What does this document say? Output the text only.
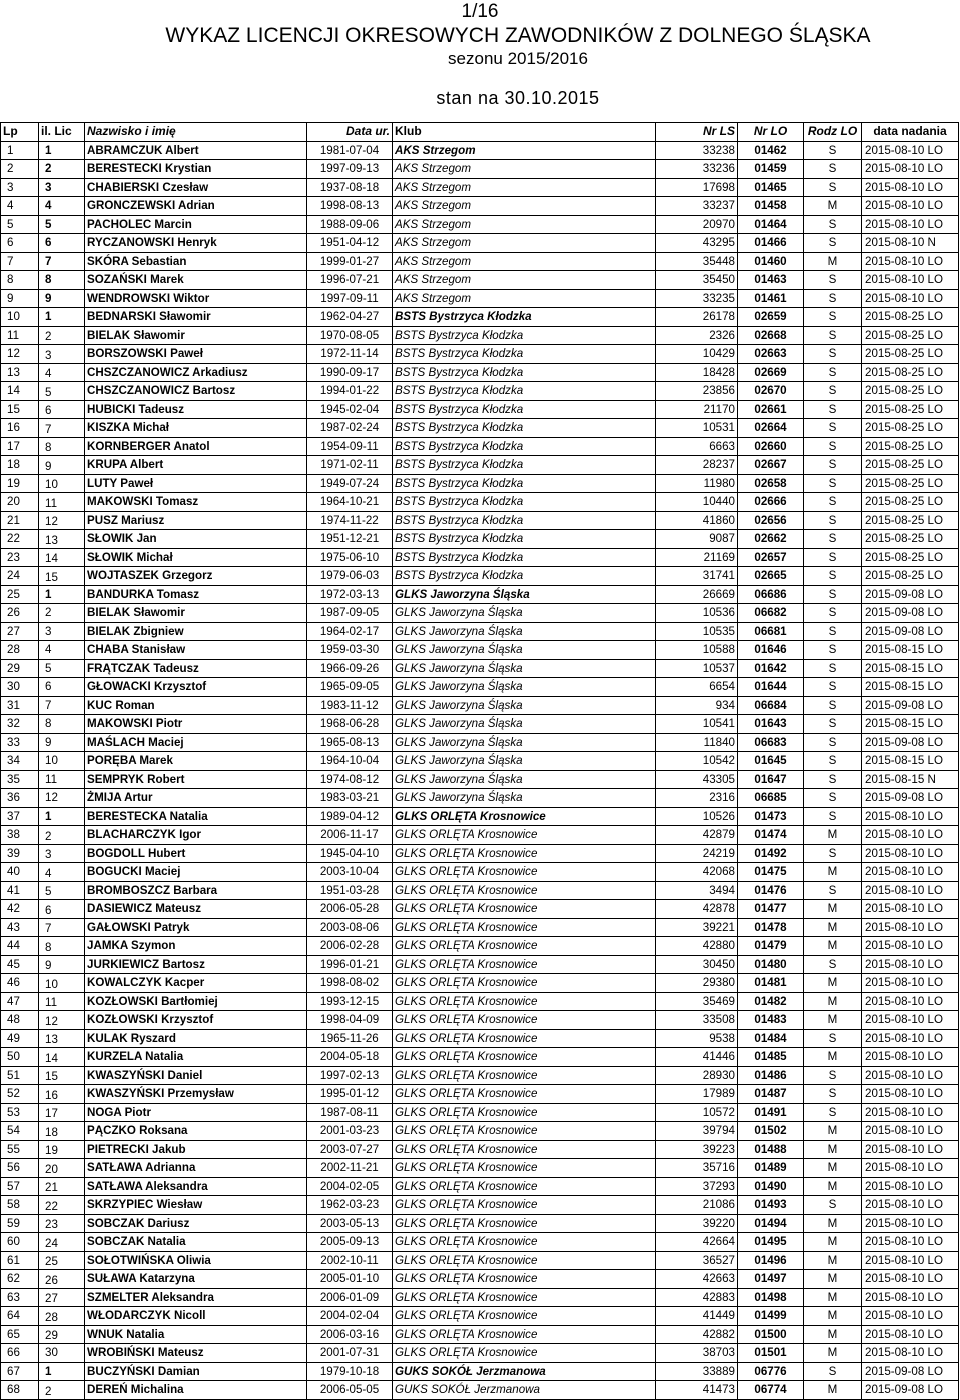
1/16
WYKAZ LICENCJI OKRESOWYCH ZAWODNIKÓW Z DOLNEGO ŚLĄSKA
sezonu 2015/2016
stan na 30.10.2015
Lp	il. Lic	Nazwisko i imię	Data ur.	Klub	Nr LS	Nr LO	Rodz LO	data nadania
1	1	ABRAMCZUK Albert	1981-07-04	AKS Strzegom	33238	01462	S	2015-08-10 LO
2	2	BERESTECKI Krystian	1997-09-13	AKS Strzegom	33236	01459	S	2015-08-10 LO
3	3	CHABIERSKI Czesław	1937-08-18	AKS Strzegom	17698	01465	S	2015-08-10 LO
4	4	GRONCZEWSKI Adrian	1998-08-13	AKS Strzegom	33237	01458	M	2015-08-10 LO
5	5	PACHOLEC Marcin	1988-09-06	AKS Strzegom	20970	01464	S	2015-08-10 LO
6	6	RYCZANOWSKI Henryk	1951-04-12	AKS Strzegom	43295	01466	S	2015-08-10 N
7	7	SKÓRA Sebastian	1999-01-27	AKS Strzegom	35448	01460	M	2015-08-10 LO
8	8	SOZAŃSKI Marek	1996-07-21	AKS Strzegom	35450	01463	S	2015-08-10 LO
9	9	WENDROWSKI Wiktor	1997-09-11	AKS Strzegom	33235	01461	S	2015-08-10 LO
10	1	BEDNARSKI Sławomir	1962-04-27	BSTS Bystrzyca Kłodzka	26178	02659	S	2015-08-25 LO
11	2	BIELAK Sławomir	1970-08-05	BSTS Bystrzyca Kłodzka	2326	02668	S	2015-08-25 LO
12	3	BORSZOWSKI Paweł	1972-11-14	BSTS Bystrzyca Kłodzka	10429	02663	S	2015-08-25 LO
13	4	CHSZCZANOWICZ Arkadiusz	1990-09-17	BSTS Bystrzyca Kłodzka	18428	02669	S	2015-08-25 LO
14	5	CHSZCZANOWICZ Bartosz	1994-01-22	BSTS Bystrzyca Kłodzka	23856	02670	S	2015-08-25 LO
15	6	HUBICKI Tadeusz	1945-02-04	BSTS Bystrzyca Kłodzka	21170	02661	S	2015-08-25 LO
16	7	KISZKA Michał	1987-02-24	BSTS Bystrzyca Kłodzka	10531	02664	S	2015-08-25 LO
17	8	KORNBERGER Anatol	1954-09-11	BSTS Bystrzyca Kłodzka	6663	02660	S	2015-08-25 LO
18	9	KRUPA Albert	1971-02-11	BSTS Bystrzyca Kłodzka	28237	02667	S	2015-08-25 LO
19	10	LUTY Paweł	1949-07-24	BSTS Bystrzyca Kłodzka	11980	02658	S	2015-08-25 LO
20	11	MAKOWSKI Tomasz	1964-10-21	BSTS Bystrzyca Kłodzka	10440	02666	S	2015-08-25 LO
21	12	PUSZ Mariusz	1974-11-22	BSTS Bystrzyca Kłodzka	41860	02656	S	2015-08-25 LO
22	13	SŁOWIK Jan	1951-12-21	BSTS Bystrzyca Kłodzka	9087	02662	S	2015-08-25 LO
23	14	SŁOWIK Michał	1975-06-10	BSTS Bystrzyca Kłodzka	21169	02657	S	2015-08-25 LO
24	15	WOJTASZEK Grzegorz	1979-06-03	BSTS Bystrzyca Kłodzka	31741	02665	S	2015-08-25 LO
25	1	BANDURKA Tomasz	1972-03-13	GLKS Jaworzyna Śląska	26669	06686	S	2015-09-08 LO
26	2	BIELAK Sławomir	1987-09-05	GLKS Jaworzyna Śląska	10536	06682	S	2015-09-08 LO
27	3	BIELAK Zbigniew	1964-02-17	GLKS Jaworzyna Śląska	10535	06681	S	2015-09-08 LO
28	4	CHABA Stanisław	1959-03-30	GLKS Jaworzyna Śląska	10588	01646	S	2015-08-15 LO
29	5	FRĄTCZAK Tadeusz	1966-09-26	GLKS Jaworzyna Śląska	10537	01642	S	2015-08-15 LO
30	6	GŁOWACKI Krzysztof	1965-09-05	GLKS Jaworzyna Śląska	6654	01644	S	2015-08-15 LO
31	7	KUC Roman	1983-11-12	GLKS Jaworzyna Śląska	934	06684	S	2015-09-08 LO
32	8	MAKOWSKI Piotr	1968-06-28	GLKS Jaworzyna Śląska	10541	01643	S	2015-08-15 LO
33	9	MAŚLACH Maciej	1965-08-13	GLKS Jaworzyna Śląska	11840	06683	S	2015-09-08 LO
34	10	PORĘBA Marek	1964-10-04	GLKS Jaworzyna Śląska	10542	01645	S	2015-08-15 LO
35	11	SEMPRYK Robert	1974-08-12	GLKS Jaworzyna Śląska	43305	01647	S	2015-08-15 N
36	12	ŻMIJA Artur	1983-03-21	GLKS Jaworzyna Śląska	2316	06685	S	2015-09-08 LO
37	1	BERESTECKA Natalia	1989-04-12	GLKS ORLĘTA Krosnowice	10526	01473	S	2015-08-10 LO
38	2	BLACHARCZYK Igor	2006-11-17	GLKS ORLĘTA Krosnowice	42879	01474	M	2015-08-10 LO
39	3	BOGDOLL Hubert	1945-04-10	GLKS ORLĘTA Krosnowice	24219	01492	S	2015-08-10 LO
40	4	BOGUCKI Maciej	2003-10-04	GLKS ORLĘTA Krosnowice	42068	01475	M	2015-08-10 LO
41	5	BROMBOSZCZ Barbara	1951-03-28	GLKS ORLĘTA Krosnowice	3494	01476	S	2015-08-10 LO
42	6	DASIEWICZ Mateusz	2006-05-28	GLKS ORLĘTA Krosnowice	42878	01477	M	2015-08-10 LO
43	7	GAŁOWSKI Patryk	2003-08-06	GLKS ORLĘTA Krosnowice	39221	01478	M	2015-08-10 LO
44	8	JAMKA Szymon	2006-02-28	GLKS ORLĘTA Krosnowice	42880	01479	M	2015-08-10 LO
45	9	JURKIEWICZ Bartosz	1996-01-21	GLKS ORLĘTA Krosnowice	30450	01480	S	2015-08-10 LO
46	10	KOWALCZYK Kacper	1998-08-02	GLKS ORLĘTA Krosnowice	29380	01481	M	2015-08-10 LO
47	11	KOZŁOWSKI Bartłomiej	1993-12-15	GLKS ORLĘTA Krosnowice	35469	01482	M	2015-08-10 LO
48	12	KOZŁOWSKI Krzysztof	1998-04-09	GLKS ORLĘTA Krosnowice	33508	01483	M	2015-08-10 LO
49	13	KULAK Ryszard	1965-11-26	GLKS ORLĘTA Krosnowice	9538	01484	S	2015-08-10 LO
50	14	KURZELA Natalia	2004-05-18	GLKS ORLĘTA Krosnowice	41446	01485	M	2015-08-10 LO
51	15	KWASZYŃSKI Daniel	1997-02-13	GLKS ORLĘTA Krosnowice	28930	01486	S	2015-08-10 LO
52	16	KWASZYŃSKI Przemysław	1995-01-12	GLKS ORLĘTA Krosnowice	17989	01487	S	2015-08-10 LO
53	17	NOGA Piotr	1987-08-11	GLKS ORLĘTA Krosnowice	10572	01491	S	2015-08-10 LO
54	18	PĄCZKO Roksana	2001-03-23	GLKS ORLĘTA Krosnowice	39794	01502	M	2015-08-10 LO
55	19	PIETRECKI Jakub	2003-07-27	GLKS ORLĘTA Krosnowice	39223	01488	M	2015-08-10 LO
56	20	SATŁAWA Adrianna	2002-11-21	GLKS ORLĘTA Krosnowice	35716	01489	M	2015-08-10 LO
57	21	SATŁAWA Aleksandra	2004-02-05	GLKS ORLĘTA Krosnowice	37293	01490	M	2015-08-10 LO
58	22	SKRZYPIEC Wiesław	1962-03-23	GLKS ORLĘTA Krosnowice	21086	01493	S	2015-08-10 LO
59	23	SOBCZAK Dariusz	2003-05-13	GLKS ORLĘTA Krosnowice	39220	01494	M	2015-08-10 LO
60	24	SOBCZAK Natalia	2005-09-13	GLKS ORLĘTA Krosnowice	42664	01495	M	2015-08-10 LO
61	25	SOŁOTWIŃSKA Oliwia	2002-10-11	GLKS ORLĘTA Krosnowice	36527	01496	M	2015-08-10 LO
62	26	SUŁAWA Katarzyna	2005-01-10	GLKS ORLĘTA Krosnowice	42663	01497	M	2015-08-10 LO
63	27	SZMELTER Aleksandra	2006-01-09	GLKS ORLĘTA Krosnowice	42883	01498	M	2015-08-10 LO
64	28	WŁODARCZYK Nicoll	2004-02-04	GLKS ORLĘTA Krosnowice	41449	01499	M	2015-08-10 LO
65	29	WNUK Natalia	2006-03-16	GLKS ORLĘTA Krosnowice	42882	01500	M	2015-08-10 LO
66	30	WROBIŃSKI Mateusz	2001-07-31	GLKS ORLĘTA Krosnowice	38703	01501	M	2015-08-10 LO
67	1	BUCZYŃSKI Damian	1979-10-18	GUKS SOKÓŁ Jerzmanowa	33889	06776	S	2015-09-08 LO
68	2	DEREŃ Michalina	2006-05-05	GUKS SOKÓŁ Jerzmanowa	41473	06774	M	2015-09-08 LO
